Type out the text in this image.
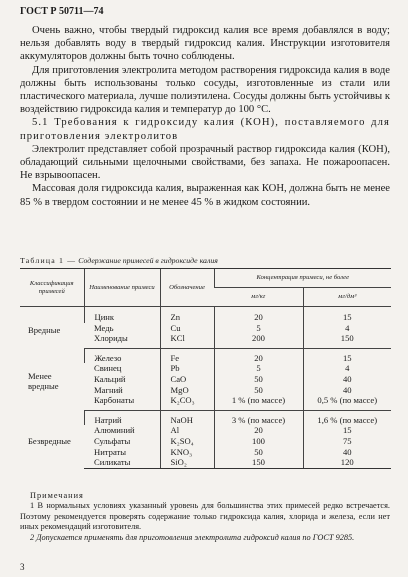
ГОСТ Р 50711—74

Очень важно, чтобы твердый гидроксид калия все время добавлялся в воду; нельзя добавлять воду в твердый гидроксид калия. Инструкции изготовителя аккумуляторов должны быть точно соблюдены.

Для приготовления электролита методом растворения гидроксида калия в воде должны быть использованы только сосуды, изготовленные из стали или пластического материала, лучше полиэтилена. Сосуды должны быть устойчивы к воздействию гидроксида калия и температур до 100 °С.

5.1 Требования к гидроксиду калия (КОН), поставляемого для приготовления электролитов

Электролит представляет собой прозрачный раствор гидроксида калия (КОН), обладающий сильными щелочными свойствами, без запаха. Не пожароопасен. Не взрывоопасен.

Массовая доля гидроксида калия, выраженная как КОН, должна быть не менее 85 % в твердом состоянии и не менее 45 % в жидком состоянии.

Таблица 1 — Содержание примесей в гидроксиде калия
Классификация примесей	Наименование примеси	Обозначение	Концентрация примеси, не более	
			мг/кг	мг/дм³
Вредные	Цинк	Zn	20	15
	Медь	Cu	5	4
	Хлориды	KCl	200	150
Менее вредные	Железо	Fe	20	15
	Свинец	Pb	5	4
	Кальций	CaO	50	40
	Магний	MgO	50	40
	Карбонаты	K₂CO₃	1 % (по массе)	0,5 % (по массе)
Безвредные	Натрий	NaOH	3 % (по массе)	1,6 % (по массе)
	Алюминий	Al	20	15
	Сульфаты	K₂SO₄	100	75
	Нитраты	KNO₃	50	40
	Силикаты	SiO₂	150	120

Примечания

1 В нормальных условиях указанный уровень для большинства этих примесей редко встречается. Поэтому рекомендуется проверять содержание только гидроксида калия, хлорида и железа, если нет иных рекомендаций изготовителя.

2 Допускается применять для приготовления электролита гидроксид калия по ГОСТ 9285.

3
